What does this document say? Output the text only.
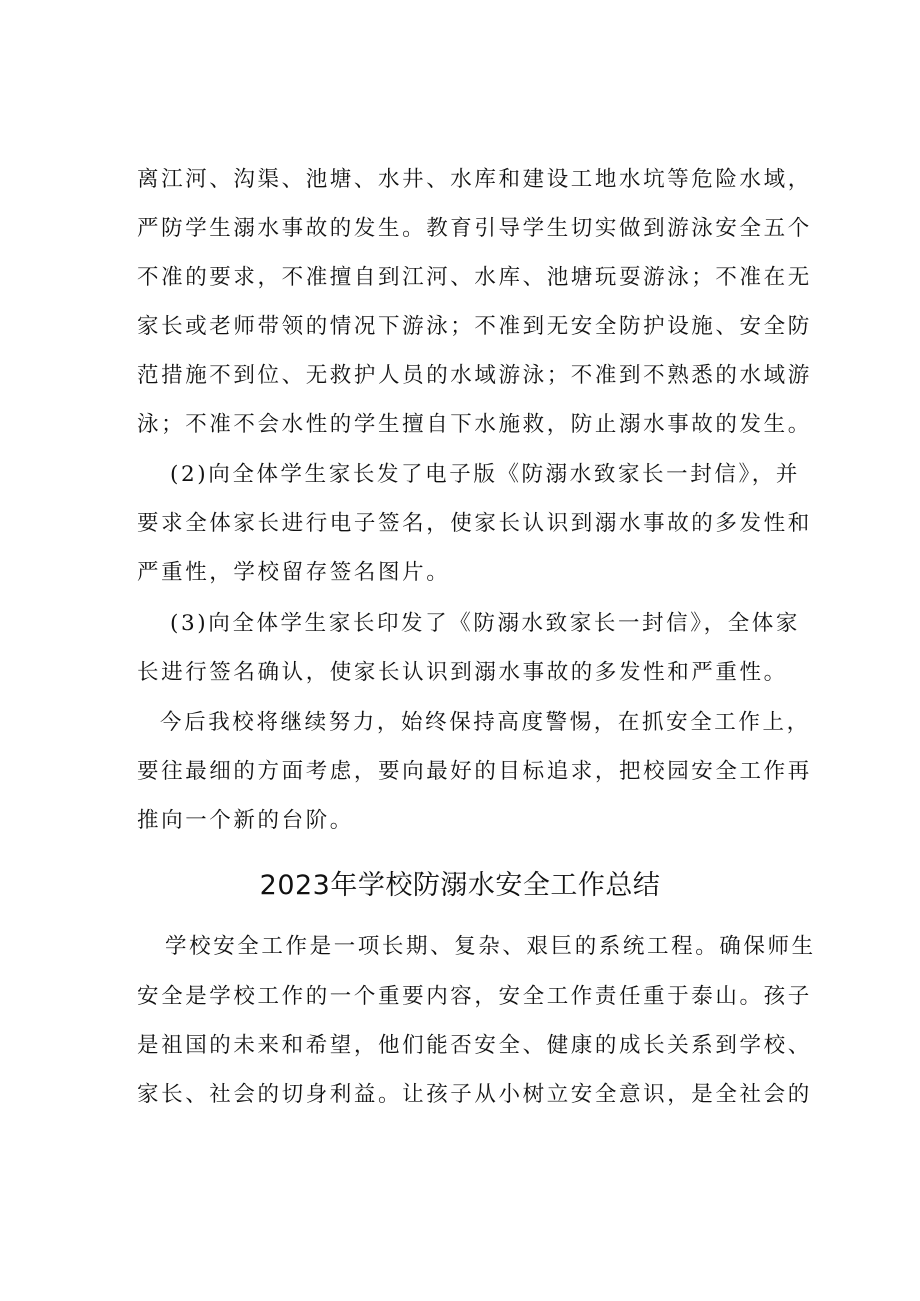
离江河、沟渠、池塘、水井、水库和建设工地水坑等危险水域，

严防学生溺水事故的发生。教育引导学生切实做到游泳安全五个

不准的要求，不准擅自到江河、水库、池塘玩耍游泳；不准在无

家长或老师带领的情况下游泳；不准到无安全防护设施、安全防

范措施不到位、无救护人员的水域游泳；不准到不熟悉的水域游

泳；不准不会水性的学生擅自下水施救，防止溺水事故的发生。

(2)向全体学生家长发了电子版《防溺水致家长一封信》，并

要求全体家长进行电子签名，使家长认识到溺水事故的多发性和

严重性，学校留存签名图片。

(3)向全体学生家长印发了《防溺水致家长一封信》，全体家

长进行签名确认，使家长认识到溺水事故的多发性和严重性。

今后我校将继续努力，始终保持高度警惕，在抓安全工作上，

要往最细的方面考虑，要向最好的目标追求，把校园安全工作再

推向一个新的台阶。

2023年学校防溺水安全工作总结

学校安全工作是一项长期、复杂、艰巨的系统工程。确保师生

安全是学校工作的一个重要内容，安全工作责任重于泰山。孩子

是祖国的未来和希望，他们能否安全、健康的成长关系到学校、

家长、社会的切身利益。让孩子从小树立安全意识，是全社会的
